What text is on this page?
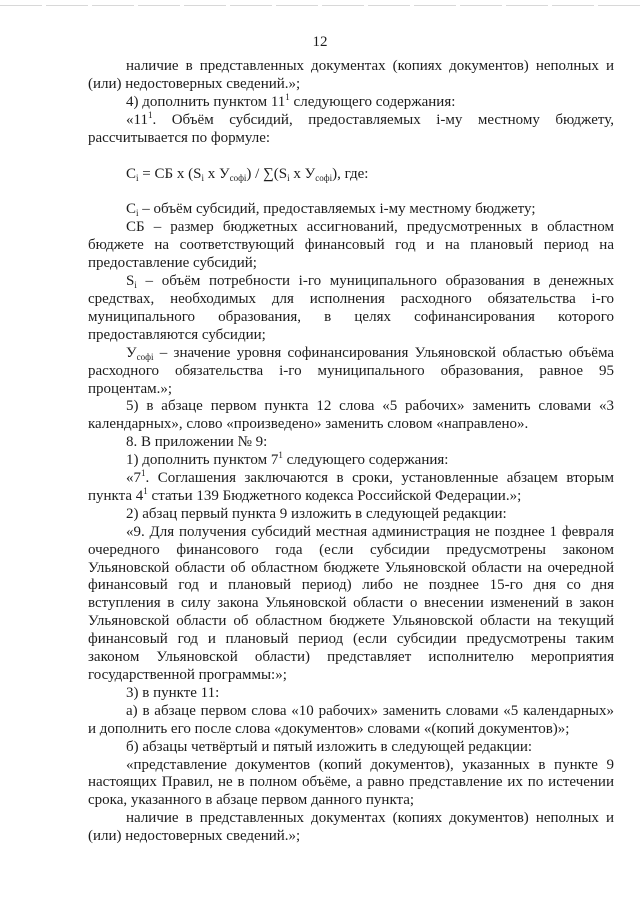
12

наличие в представленных документах (копиях документов) неполных и (или) недостоверных сведений.»;

4) дополнить пунктом $11^1$ следующего содержания:

«$11^1$. Объём субсидий, предоставляемых i-му местному бюджету, рассчитывается по формуле:

$C_i$ = СБ х ($S_i$ х $У_{софi}) / \sum(S_i$ х $У_{софi}$), где:

$C_i$ – объём субсидий, предоставляемых i-му местному бюджету;

СБ – размер бюджетных ассигнований, предусмотренных в областном бюджете на соответствующий финансовый год и на плановый период на предоставление субсидий;

$S_i$ – объём потребности i-го муниципального образования в денежных средствах, необходимых для исполнения расходного обязательства i-го муниципального образования, в целях софинансирования которого предоставляются субсидии;

$У_{софi}$ – значение уровня софинансирования Ульяновской областью объёма расходного обязательства i-го муниципального образования, равное 95 процентам.»;

5) в абзаце первом пункта 12 слова «5 рабочих» заменить словами «3 календарных», слово «произведено» заменить словом «направлено».

8. В приложении № 9:

1) дополнить пунктом $7^1$ следующего содержания:

«$7^1$. Соглашения заключаются в сроки, установленные абзацем вторым пункта $4^1$ статьи 139 Бюджетного кодекса Российской Федерации.»;

2) абзац первый пункта 9 изложить в следующей редакции:

«9. Для получения субсидий местная администрация не позднее 1 февраля очередного финансового года (если субсидии предусмотрены законом Ульяновской области об областном бюджете Ульяновской области на очередной финансовый год и плановый период) либо не позднее 15-го дня со дня вступления в силу закона Ульяновской области о внесении изменений в закон Ульяновской области об областном бюджете Ульяновской области на текущий финансовый год и плановый период (если субсидии предусмотрены таким законом Ульяновской области) представляет исполнителю мероприятия государственной программы:»;

3) в пункте 11:

а) в абзаце первом слова «10 рабочих» заменить словами «5 календарных» и дополнить его после слова «документов» словами «(копий документов)»;

б) абзацы четвёртый и пятый изложить в следующей редакции:

«представление документов (копий документов), указанных в пункте 9 настоящих Правил, не в полном объёме, а равно представление их по истечении срока, указанного в абзаце первом данного пункта;

наличие в представленных документах (копиях документов) неполных и (или) недостоверных сведений.»;
